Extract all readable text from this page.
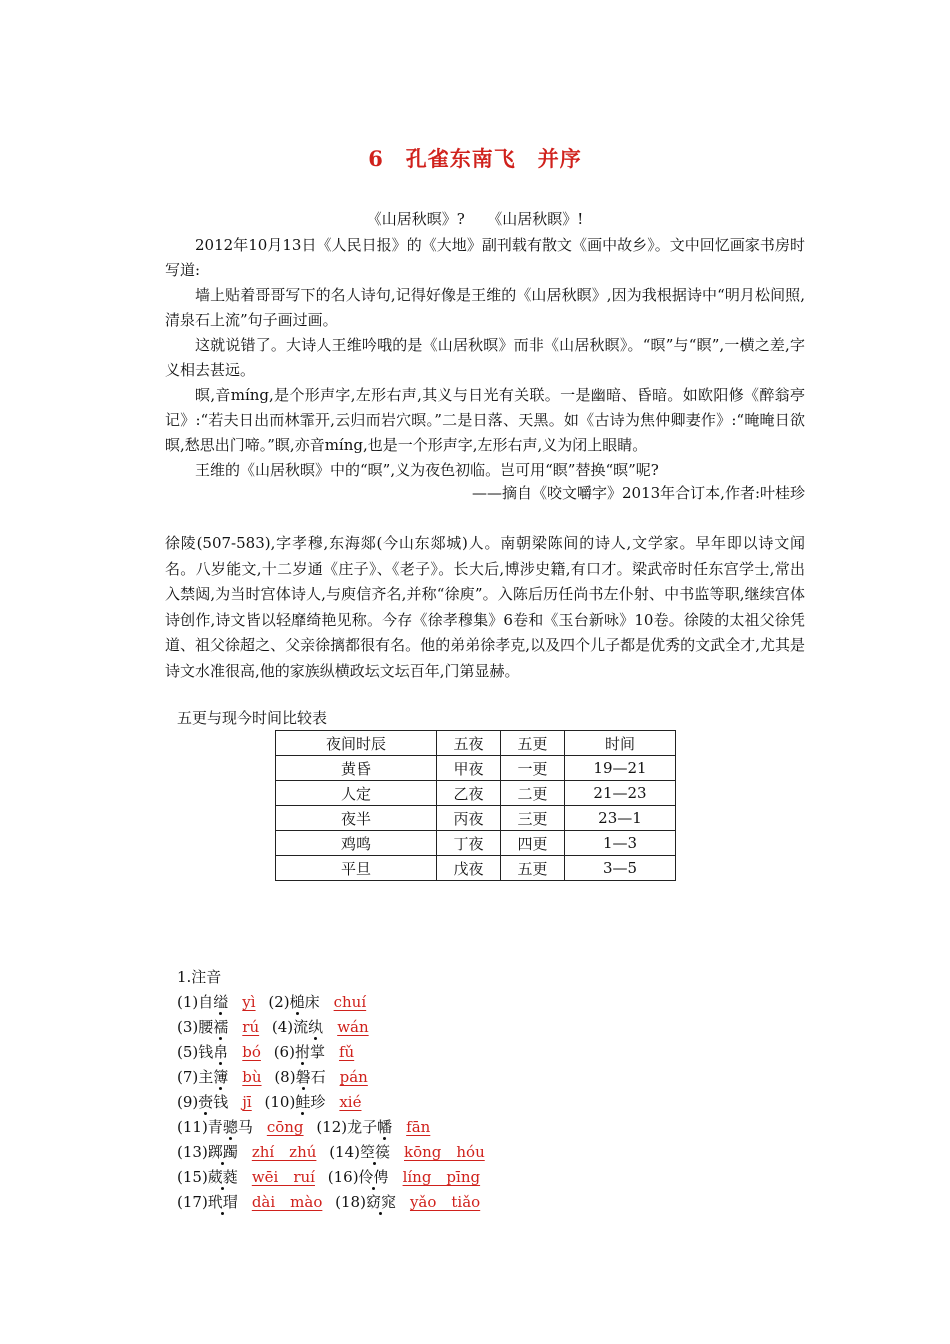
6　孔雀东南飞　并序
《山居秋暝》?　　《山居秋瞑》!
2012年10月13日《人民日报》的《大地》副刊载有散文《画中故乡》。文中回忆画家书房时写道:
墙上贴着哥哥写下的名人诗句,记得好像是王维的《山居秋瞑》,因为我根据诗中“明月松间照,清泉石上流”句子画过画。
这就说错了。大诗人王维吟哦的是《山居秋暝》而非《山居秋瞑》。“暝”与“瞑”,一横之差,字义相去甚远。
暝,音míng,是个形声字,左形右声,其义与日光有关联。一是幽暗、昏暗。如欧阳修《醉翁亭记》:“若夫日出而林霏开,云归而岩穴暝。”二是日落、天黑。如《古诗为焦仲卿妻作》:“晻晻日欲暝,愁思出门啼。”瞑,亦音míng,也是一个形声字,左形右声,义为闭上眼睛。
王维的《山居秋暝》中的“暝”,义为夜色初临。岂可用“瞑”替换“暝”呢?
——摘自《咬文嚼字》2013年合订本,作者:叶桂珍
徐陵(507-583),字孝穆,东海郯(今山东郯城)人。南朝梁陈间的诗人,文学家。早年即以诗文闻名。八岁能文,十二岁通《庄子》、《老子》。长大后,博涉史籍,有口才。梁武帝时任东宫学士,常出入禁闼,为当时宫体诗人,与庾信齐名,并称“徐庾”。入陈后历任尚书左仆射、中书监等职,继续宫体诗创作,诗文皆以轻靡绮艳见称。今存《徐孝穆集》6卷和《玉台新咏》10卷。徐陵的太祖父徐凭道、祖父徐超之、父亲徐摛都很有名。他的弟弟徐孝克,以及四个儿子都是优秀的文武全才,尤其是诗文水准很高,他的家族纵横政坛文坛百年,门第显赫。
五更与现今时间比较表
夜间时辰	五夜	五更	时间
黄昏	甲夜	一更	19—21
人定	乙夜	二更	21—23
夜半	丙夜	三更	23—1
鸡鸣	丁夜	四更	1—3
平旦	戊夜	五更	3—5
1.注音
(1)自缢 yì (2)槌床 chuí
(3)腰襦 rú (4)流纨 wán
(5)钱帛 bó (6)拊掌 fǔ
(7)主簿 bù (8)磐石 pán
(9)赍钱 jī (10)鲑珍 xié
(11)青骢马 cōng (12)龙子幡 fān
(13)踯躅 zhí　zhú (14)箜篌 kōng　hóu
(15)葳蕤 wēi　ruí (16)伶俜 líng　pīng
(17)玳瑁 dài　mào (18)窈窕 yǎo　tiǎo
